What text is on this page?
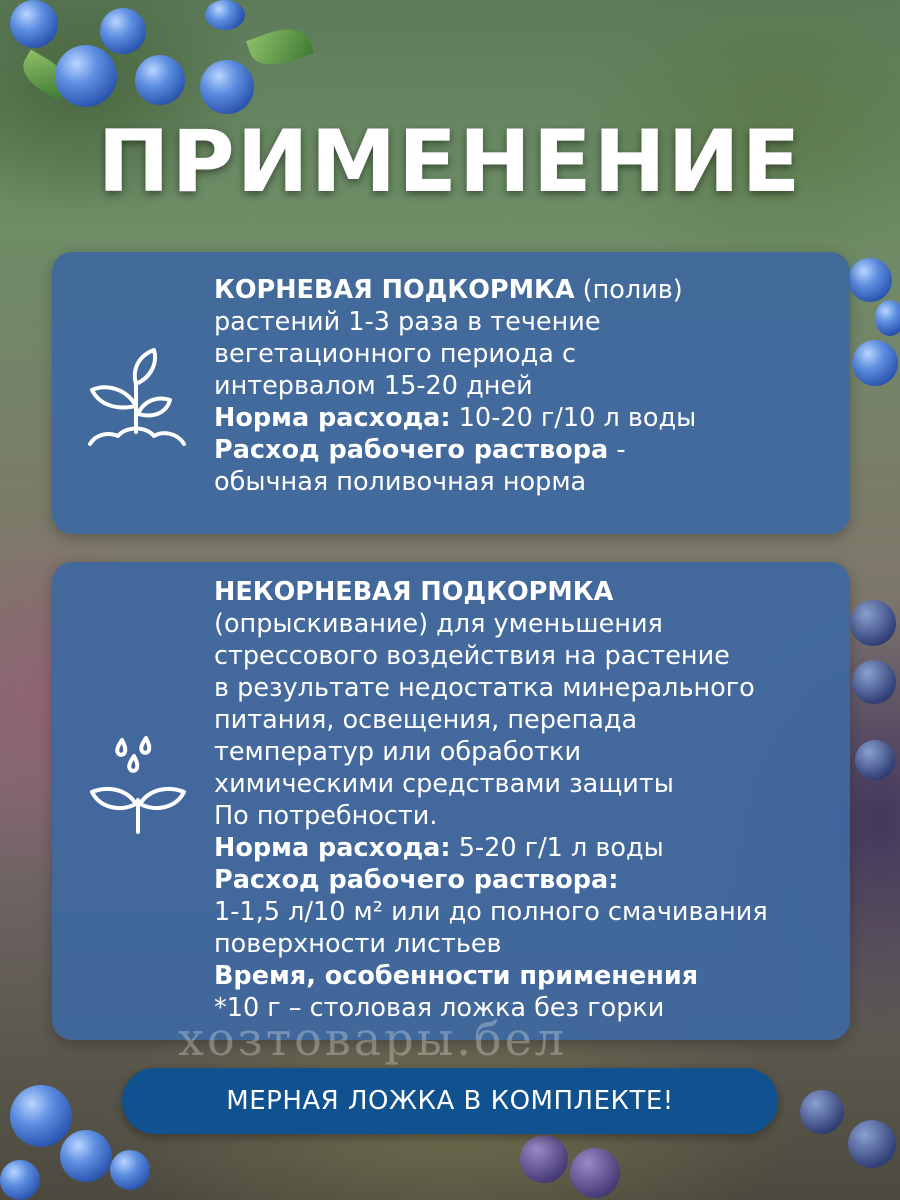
ПРИМЕНЕНИЕ
КОРНЕВАЯ ПОДКОРМКА (полив)
растений 1-3 раза в течение
вегетационного периода с
интервалом 15-20 дней
Норма расхода: 10-20 г/10 л воды
Расход рабочего раствора -
обычная поливочная норма
НЕКОРНЕВАЯ ПОДКОРМКА
(опрыскивание) для уменьшения
стрессового воздействия на растение
в результате недостатка минерального
питания, освещения, перепада
температур или обработки
химическими средствами защиты
По потребности.
Норма расхода: 5-20 г/1 л воды
Расход рабочего раствора:
1-1,5 л/10 м² или до полного смачивания
поверхности листьев
Время, особенности применения
*10 г – столовая ложка без горки
хозтовары.бел
МЕРНАЯ ЛОЖКА В КОМПЛЕКТЕ!
